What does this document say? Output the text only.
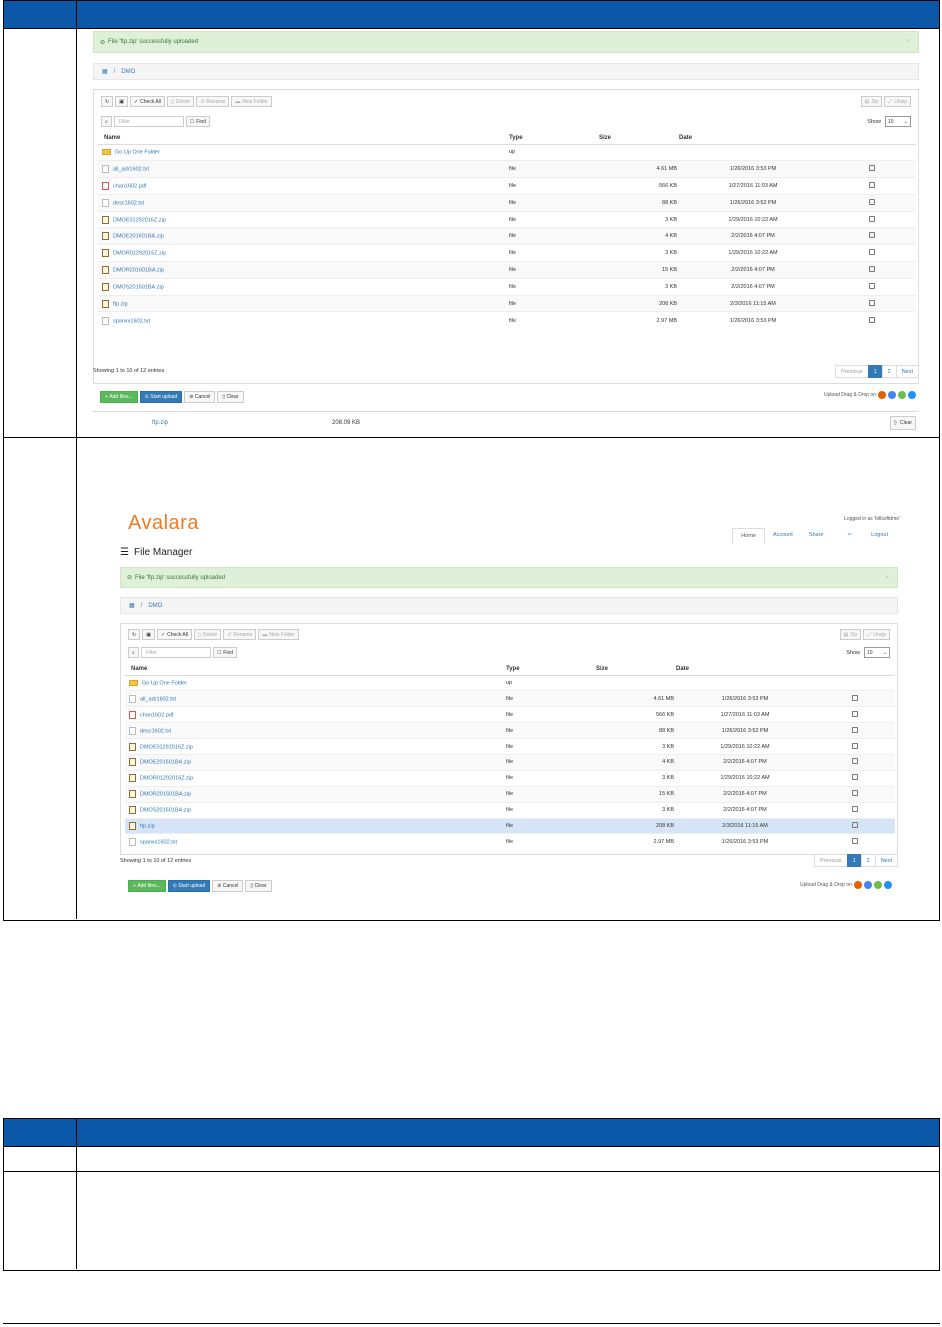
⊘ File 'ftp.zip' successfully uploaded	×
▦ / DMO
↻ ▣ ✓ Check All ▯ Delete ↺ Rename ▬ New Folder	▤ Zip ⤢ Unzip
⌕	Filter	☐ Find	Show 10 ⌄
Name	Type	Size	Date	
Go Up One Folder	up			
all_adr1602.txt	file	4.61 MB	1/26/2016 3:53 PM	
chan1602.pdf	file	566 KB	1/27/2016 11:03 AM	
desc1602.txt	file	88 KB	1/26/2016 3:52 PM	
DMOE01292016Z.zip	file	3 KB	1/29/2016 10:22 AM	
DMOE201601BA.zip	file	4 KB	2/2/2016 4:07 PM	
DMOR01292016Z.zip	file	3 KB	1/29/2016 10:22 AM	
DMOR201601BA.zip	file	15 KB	2/2/2016 4:07 PM	
DMOS201601BA.zip	file	3 KB	2/2/2016 4:07 PM	
ftp.zip	file	208 KB	2/3/2016 11:15 AM	
spanxx1602.txt	file	2.97 MB	1/26/2016 3:53 PM	
Showing 1 to 10 of 12 entries	Previous	1	2	Next
+ Add files...	⊙ Start upload	⊘ Cancel	▯ Clear	Upload Drag & Drop on
ftp.zip	208.09 KB	▯ Clear
Avalara	Logged in as 'billsoftdmo'
Home	Account	Share	⇦	Logout
☰ File Manager
⊘ File 'ftp.zip' successfully uploaded	×
▦ / DMO
↻ ▣ ✓ Check All ▯ Delete ↺ Rename ▬ New Folder	▤ Zip ⤢ Unzip
⌕	Filter	☐ Find	Show 10 ⌄
Name	Type	Size	Date	
Go Up One Folder	up			
all_adr1602.txt	file	4.61 MB	1/26/2016 3:53 PM	
chan1602.pdf	file	566 KB	1/27/2016 11:03 AM	
desc1602.txt	file	88 KB	1/26/2016 3:52 PM	
DMOE01292016Z.zip	file	3 KB	1/29/2016 10:22 AM	
DMOE201601BA.zip	file	4 KB	2/2/2016 4:07 PM	
DMOR01292016Z.zip	file	3 KB	1/29/2016 10:22 AM	
DMOR201601BA.zip	file	15 KB	2/2/2016 4:07 PM	
DMOS201601BA.zip	file	3 KB	2/2/2016 4:07 PM	
ftp.zip	file	208 KB	2/3/2016 11:15 AM	
spanxx1602.txt	file	2.97 MB	1/26/2016 3:53 PM	
Showing 1 to 10 of 12 entries	Previous	1	2	Next
+ Add files...	⊙ Start upload	⊘ Cancel	▯ Clear	Upload Drag & Drop on
